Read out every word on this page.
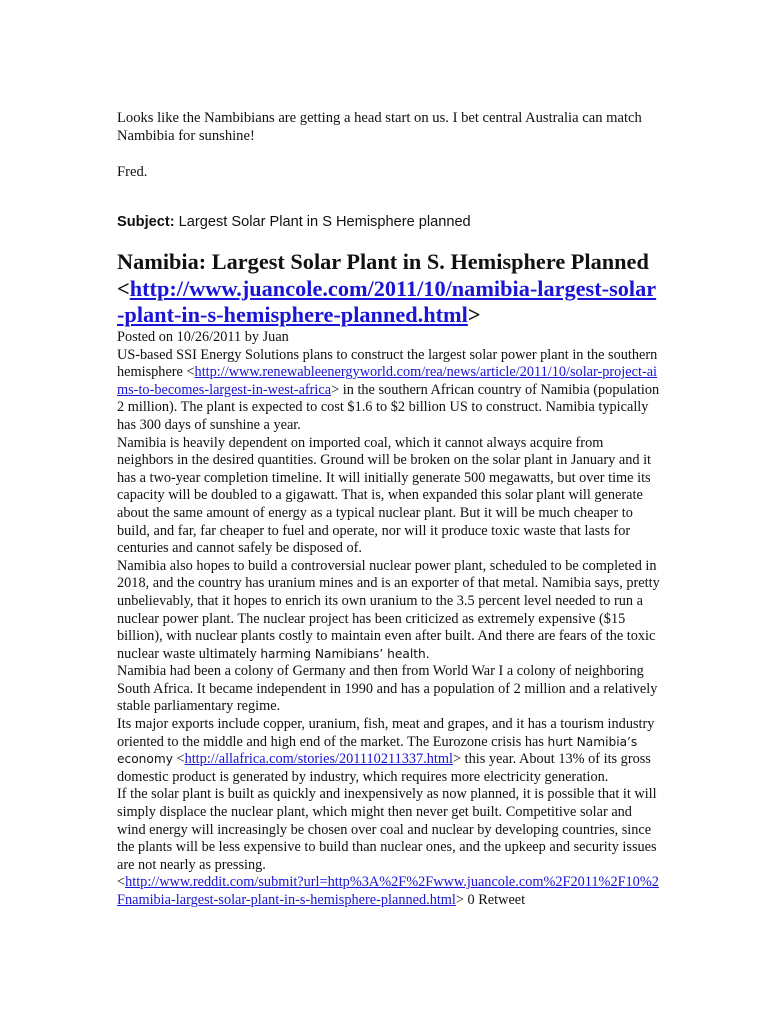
Looks like the Nambibians are getting a head start on us. I bet central Australia can match Nambibia for sunshine!

Fred.

Subject: Largest Solar Plant in S Hemisphere planned

Namibia: Largest Solar Plant in S. Hemisphere Planned <http://www.juancole.com/2011/10/namibia-largest-solar-plant-in-s-hemisphere-planned.html>

Posted on 10/26/2011 by Juan

US-based SSI Energy Solutions plans to construct the largest solar power plant in the southern hemisphere <http://www.renewableenergyworld.com/rea/news/article/2011/10/solar-project-aims-to-becomes-largest-in-west-africa> in the southern African country of Namibia (population 2 million). The plant is expected to cost $1.6 to $2 billion US to construct. Namibia typically has 300 days of sunshine a year.

Namibia is heavily dependent on imported coal, which it cannot always acquire from neighbors in the desired quantities. Ground will be broken on the solar plant in January and it has a two-year completion timeline. It will initially generate 500 megawatts, but over time its capacity will be doubled to a gigawatt. That is, when expanded this solar plant will generate about the same amount of energy as a typical nuclear plant. But it will be much cheaper to build, and far, far cheaper to fuel and operate, nor will it produce toxic waste that lasts for centuries and cannot safely be disposed of.

Namibia also hopes to build a controversial nuclear power plant, scheduled to be completed in 2018, and the country has uranium mines and is an exporter of that metal. Namibia says, pretty unbelievably, that it hopes to enrich its own uranium to the 3.5 percent level needed to run a nuclear power plant. The nuclear project has been criticized as extremely expensive ($15 billion), with nuclear plants costly to maintain even after built. And there are fears of the toxic nuclear waste ultimately harming Namibians’ health.

Namibia had been a colony of Germany and then from World War I a colony of neighboring South Africa. It became independent in 1990 and has a population of 2 million and a relatively stable parliamentary regime.

Its major exports include copper, uranium, fish, meat and grapes, and it has a tourism industry oriented to the middle and high end of the market. The Eurozone crisis has hurt Namibia’s economy <http://allafrica.com/stories/201110211337.html> this year. About 13% of its gross domestic product is generated by industry, which requires more electricity generation.

If the solar plant is built as quickly and inexpensively as now planned, it is possible that it will simply displace the nuclear plant, which might then never get built. Competitive solar and wind energy will increasingly be chosen over coal and nuclear by developing countries, since the plants will be less expensive to build than nuclear ones, and the upkeep and security issues are not nearly as pressing.

<http://www.reddit.com/submit?url=http%3A%2F%2Fwww.juancole.com%2F2011%2F10%2Fnamibia-largest-solar-plant-in-s-hemisphere-planned.html> 0 Retweet
